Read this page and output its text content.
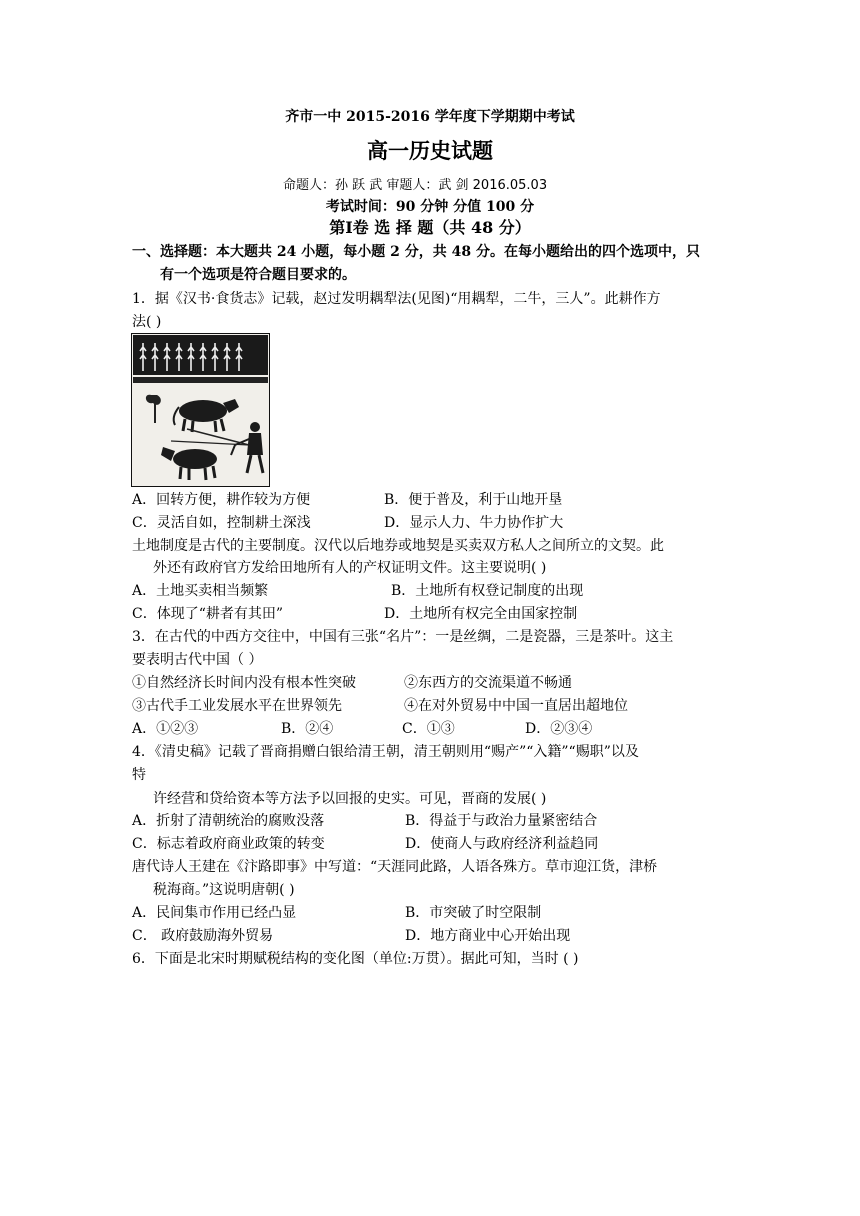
齐市一中 2015-2016 学年度下学期期中考试
高一历史试题
命题人：孙 跃 武 审题人：武 剑 2016.05.03
考试时间：90 分钟 分值 100 分
第Ⅰ卷 选 择 题（共 48 分）
一、选择题：本大题共 24 小题，每小题 2 分，共 48 分。在每小题给出的四个选项中，只
有一个选项是符合题目要求的。
1．据《汉书·食货志》记载，赵过发明耦犁法(见图)“用耦犁，二牛，三人”。此耕作方
法( )
A．回转方便，耕作较为方便	B．便于普及，利于山地开垦
C．灵活自如，控制耕土深浅	D．显示人力、牛力协作扩大
土地制度是古代的主要制度。汉代以后地券或地契是买卖双方私人之间所立的文契。此
外还有政府官方发给田地所有人的产权证明文件。这主要说明( )
A．土地买卖相当频繁	B．土地所有权登记制度的出现
C．体现了“耕者有其田”	D．土地所有权完全由国家控制
3．在古代的中西方交往中，中国有三张“名片”：一是丝绸，二是瓷器，三是茶叶。这主
要表明古代中国（ ）
①自然经济长时间内没有根本性突破	②东西方的交流渠道不畅通
③古代手工业发展水平在世界领先	④在对外贸易中中国一直居出超地位
A．①②③	B．②④	C．①③	D．②③④
4．《清史稿》记载了晋商捐赠白银给清王朝，清王朝则用“赐产”“入籍”“赐职”以及
特
许经营和贷给资本等方法予以回报的史实。可见，晋商的发展( )
A．折射了清朝统治的腐败没落	B．得益于与政治力量紧密结合
C．标志着政府商业政策的转变	D．使商人与政府经济利益趋同
唐代诗人王建在《汴路即事》中写道：“天涯同此路，人语各殊方。草市迎江货，津桥
税海商。”这说明唐朝( )
A．民间集市作用已经凸显	B．市突破了时空限制
C． 政府鼓励海外贸易	D．地方商业中心开始出现
6．下面是北宋时期赋税结构的变化图（单位:万贯）。据此可知，当时 ( )
